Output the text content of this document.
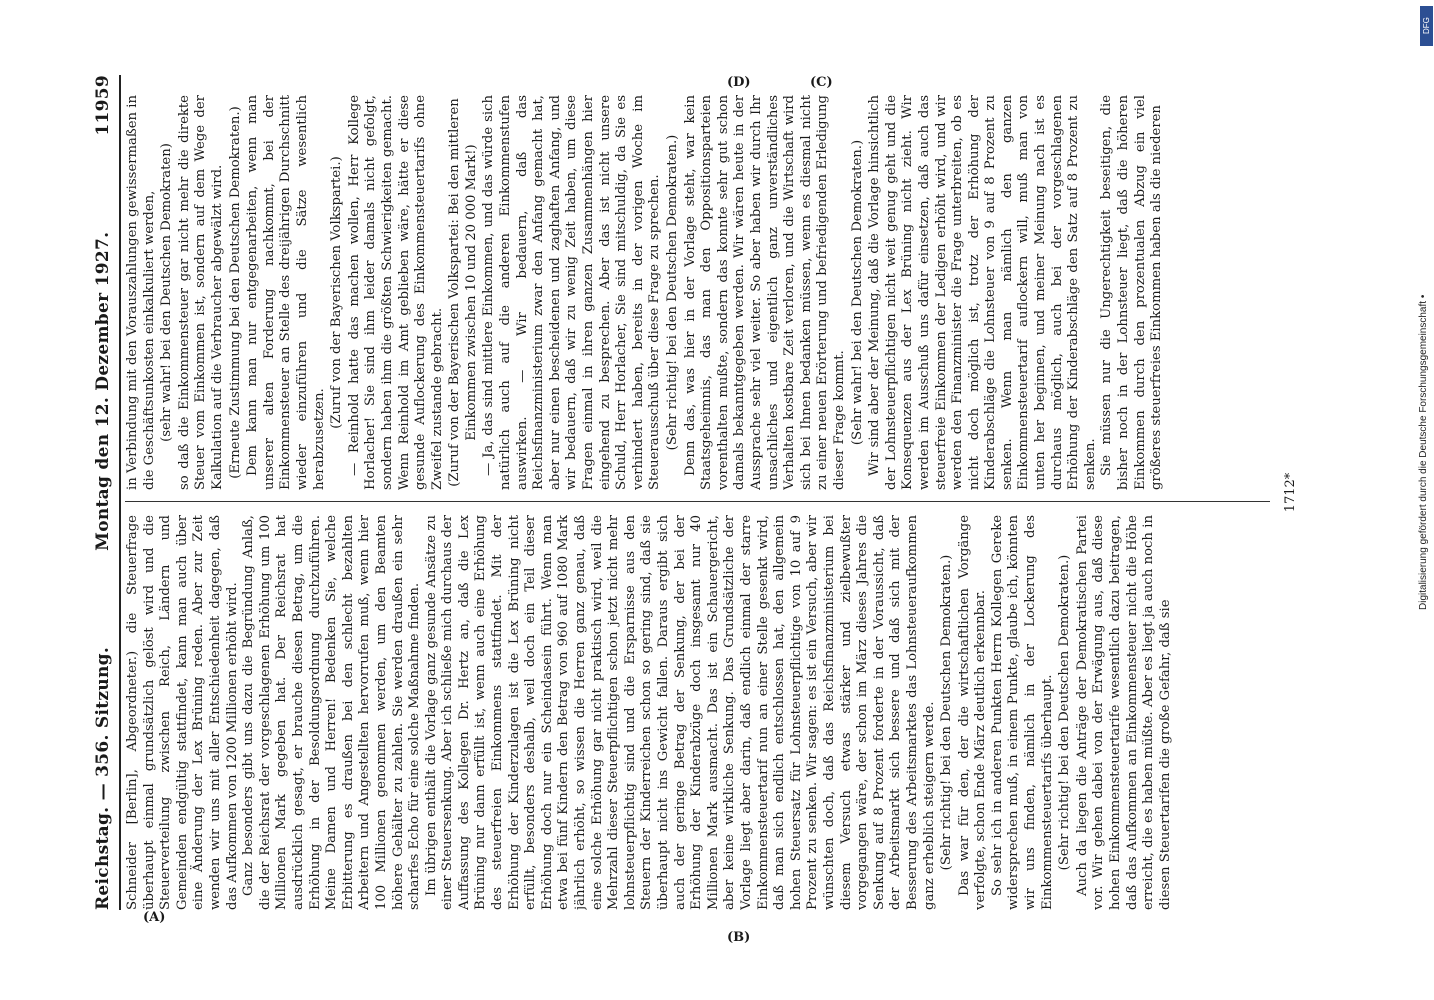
Reichstag. — 356. Sitzung.
Montag den 12. Dezember 1927.
11959

Schneider [Berlin], Abgeordneter.) die Steuerfrage überhaupt einmal grundsätzlich gelöst wird und die Steuerverteilung zwischen Reich, Ländern und Gemeinden endgültig stattfindet, kann man auch über eine Änderung der Lex Brüning reden. Aber zur Zeit wenden wir uns mit aller Entschiedenheit dagegen, daß das Aufkommen von 1200 Millionen erhöht wird. Ganz besonders gibt uns dazu die Begründung Anlaß, die der Reichsrat der vorgeschlagenen Erhöhung um 100 Millionen Mark gegeben hat. Der Reichsrat hat ausdrücklich gesagt, er brauche diesen Betrag, um die Erhöhung in der Besoldungsordnung durchzuführen. Meine Damen und Herren! Bedenken Sie, welche Erbitterung es draußen bei den schlecht bezahlten Arbeitern und Angestellten hervorrufen muß, wenn hier 100 Millionen genommen werden, um den Beamten höhere Gehälter zu zahlen. Sie werden draußen ein sehr scharfes Echo für eine solche Maßnahme finden. Im übrigen enthält die Vorlage ganz gesunde Ansätze zu einer Steuersenkung. Aber ich schließe mich durchaus der Auffassung des Kollegen Dr. Hertz an, daß die Lex Brüning nur dann erfüllt ist, wenn auch eine Erhöhung des steuerfreien Einkommens stattfindet. Mit der Erhöhung der Kinderzulagen ist die Lex Brüning nicht erfüllt, besonders deshalb, weil doch ein Teil dieser Erhöhung doch nur ein Scheindasein führt. Wenn man etwa bei fünf Kindern den Betrag von 960 auf 1080 Mark jährlich erhöht, so wissen die Herren ganz genau, daß eine solche Erhöhung gar nicht praktisch wird, weil die Mehrzahl dieser Steuerpflichtigen schon jetzt nicht mehr lohnsteuerpflichtig sind und die Ersparnisse aus den Steuern der Kinderreichen schon so gering sind, daß sie überhaupt nicht ins Gewicht fallen. Daraus ergibt sich auch der geringe Betrag der Senkung, der bei der Erhöhung der Kinderabzüge doch insgesamt nur 40 Millionen Mark ausmacht. Das ist ein Schauergericht, aber keine wirkliche Senkung. Das Grundsätzliche der Vorlage liegt aber darin, daß endlich einmal der starre Einkommensteuertarif nun an einer Stelle gesenkt wird, daß man sich endlich entschlossen hat, den allgemein hohen Steuersatz für Lohnsteuerpflichtige von 10 auf 9 Prozent zu senken. Wir sagen: es ist ein Versuch, aber wir wünschten doch, daß das Reichsfinanzministerium bei diesem Versuch etwas stärker und zielbewußter vorgegangen wäre, der schon im März dieses Jahres die Senkung auf 8 Prozent forderte in der Voraussicht, daß der Arbeitsmarkt sich bessere und daß sich mit der Besserung des Arbeitsmarktes das Lohnsteueraufkommen ganz erheblich steigern werde. (Sehr richtig! bei den Deutschen Demokraten.) Das war für den, der die wirtschaftlichen Vorgänge verfolgte, schon Ende März deutlich erkennbar. So sehr ich in anderen Punkten Herrn Kollegen Gereke widersprechen muß, in einem Punkte, glaube ich, könnten wir uns finden, nämlich in der Lockerung des Einkommensteuertarifs überhaupt. (Sehr richtig! bei den Deutschen Demokraten.) Auch da liegen die Anträge der Demokratischen Partei vor. Wir gehen dabei von der Erwägung aus, daß diese hohen Einkommensteuertarife wesentlich dazu beitragen, daß das Aufkommen an Einkommensteuer nicht die Höhe erreicht, die es haben müßte. Aber es liegt ja auch noch in diesen Steuertarifen die große Gefahr, daß sie

in Verbindung mit den Vorauszahlungen gewissermaßen in die Geschäftsunkosten einkalkuliert werden, (sehr wahr! bei den Deutschen Demokraten) so daß die Einkommensteuer gar nicht mehr die direkte Steuer vom Einkommen ist, sondern auf dem Wege der Kalkulation auf die Verbraucher abgewälzt wird. (Erneute Zustimmung bei den Deutschen Demokraten.) Dem kann man nur entgegenarbeiten, wenn man unserer alten Forderung nachkommt, bei der Einkommensteuer an Stelle des dreijährigen Durchschnitt wieder einzuführen und die Sätze wesentlich herabzusetzen.

(Zuruf von der Bayerischen Volkspartei.) — Reinhold hatte das machen wollen, Herr Kollege Horlacher! Sie sind ihm leider damals nicht gefolgt, sondern haben ihm die größten Schwierigkeiten gemacht. Wenn Reinhold im Amt geblieben wäre, hätte er diese gesunde Auflockerung des Einkommensteuertarifs ohne Zweifel zustande gebracht. (Zuruf von der Bayerischen Volkspartei: Bei den mittleren Einkommen zwischen 10 und 20 000 Mark!) — Ja, das sind mittlere Einkommen, und das würde sich natürlich auch auf die anderen Einkommenstufen auswirken. — Wir bedauern, daß das Reichsfinanzministerium zwar den Anfang gemacht hat, aber nur einen bescheidenen und zaghaften Anfang, und wir bedauern, daß wir zu wenig Zeit haben, um diese Fragen einmal in ihren ganzen Zusammenhängen hier eingehend zu besprechen. Aber das ist nicht unsere Schuld, Herr Horlacher, Sie sind mitschuldig, da Sie es verhindert haben, bereits in der vorigen Woche im Steuerausschuß über diese Frage zu sprechen. (Sehr richtig! bei den Deutschen Demokraten.) Denn das, was hier in der Vorlage steht, war kein Staatsgeheimnis, das man den Oppositionsparteien vorenthalten mußte, sondern das konnte sehr gut schon damals bekanntgegeben werden. Wir wären heute in der Aussprache sehr viel weiter. So aber haben wir durch Ihr unsachliches und eigentlich ganz unverständliches Verhalten kostbare Zeit verloren, und die Wirtschaft wird sich bei Ihnen bedanken müssen, wenn es diesmal nicht zu einer neuen Erörterung und befriedigenden Erledigung dieser Frage kommt. (Sehr wahr! bei den Deutschen Demokraten.) Wir sind aber der Meinung, daß die Vorlage hinsichtlich der Lohnsteuerpflichtigen nicht weit genug geht und die Konsequenzen aus der Lex Brüning nicht zieht. Wir werden im Ausschuß uns dafür einsetzen, daß auch das steuerfreie Einkommen der Ledigen erhöht wird, und wir werden den Finanzminister die Frage unterbreiten, ob es nicht doch möglich ist, trotz der Erhöhung der Kinderabschläge die Lohnsteuer von 9 auf 8 Prozent zu senken. Wenn man nämlich den ganzen Einkommensteuertarif auflockern will, muß man von unten her beginnen, und meiner Meinung nach ist es durchaus möglich, auch bei der vorgeschlagenen Erhöhung der Kinderabschläge den Satz auf 8 Prozent zu senken. Sie müssen nur die Ungerechtigkeit beseitigen, die bisher noch in der Lohnsteuer liegt, daß die höheren Einkommen durch den prozentualen Abzug ein viel größeres steuerfreies Einkommen haben als die niederen

1712*
(A)
(B)
(C)
(D)
DFG
Digitalisierung gefördert durch die Deutsche Forschungsgemeinschaft •
